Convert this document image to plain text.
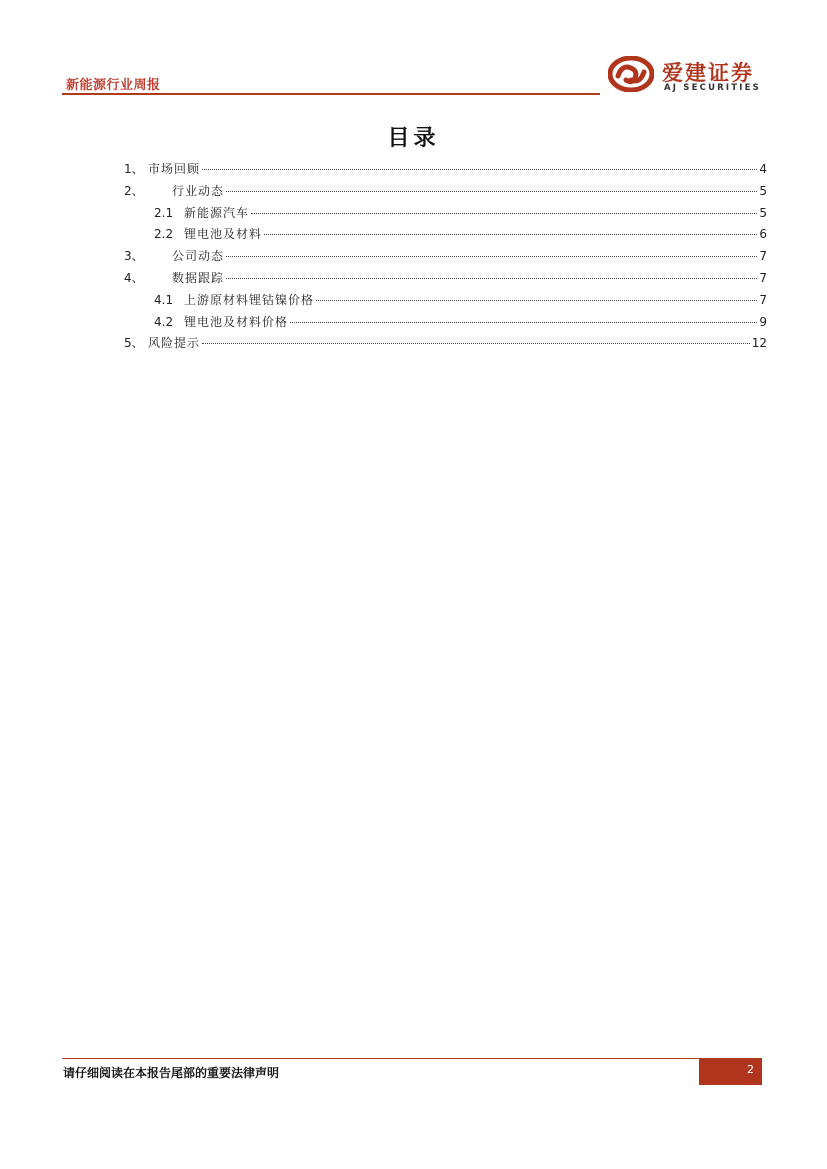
新能源行业周报
爱建证券
AJ SECURITIES
目录
1、 市场回顾	4
2、	行业动态	5
2.1 新能源汽车	5
2.2 锂电池及材料	6
3、	公司动态	7
4、	数据跟踪	7
4.1 上游原材料锂钴镍价格	7
4.2 锂电池及材料价格	9
5、 风险提示	12
请仔细阅读在本报告尾部的重要法律声明	2
